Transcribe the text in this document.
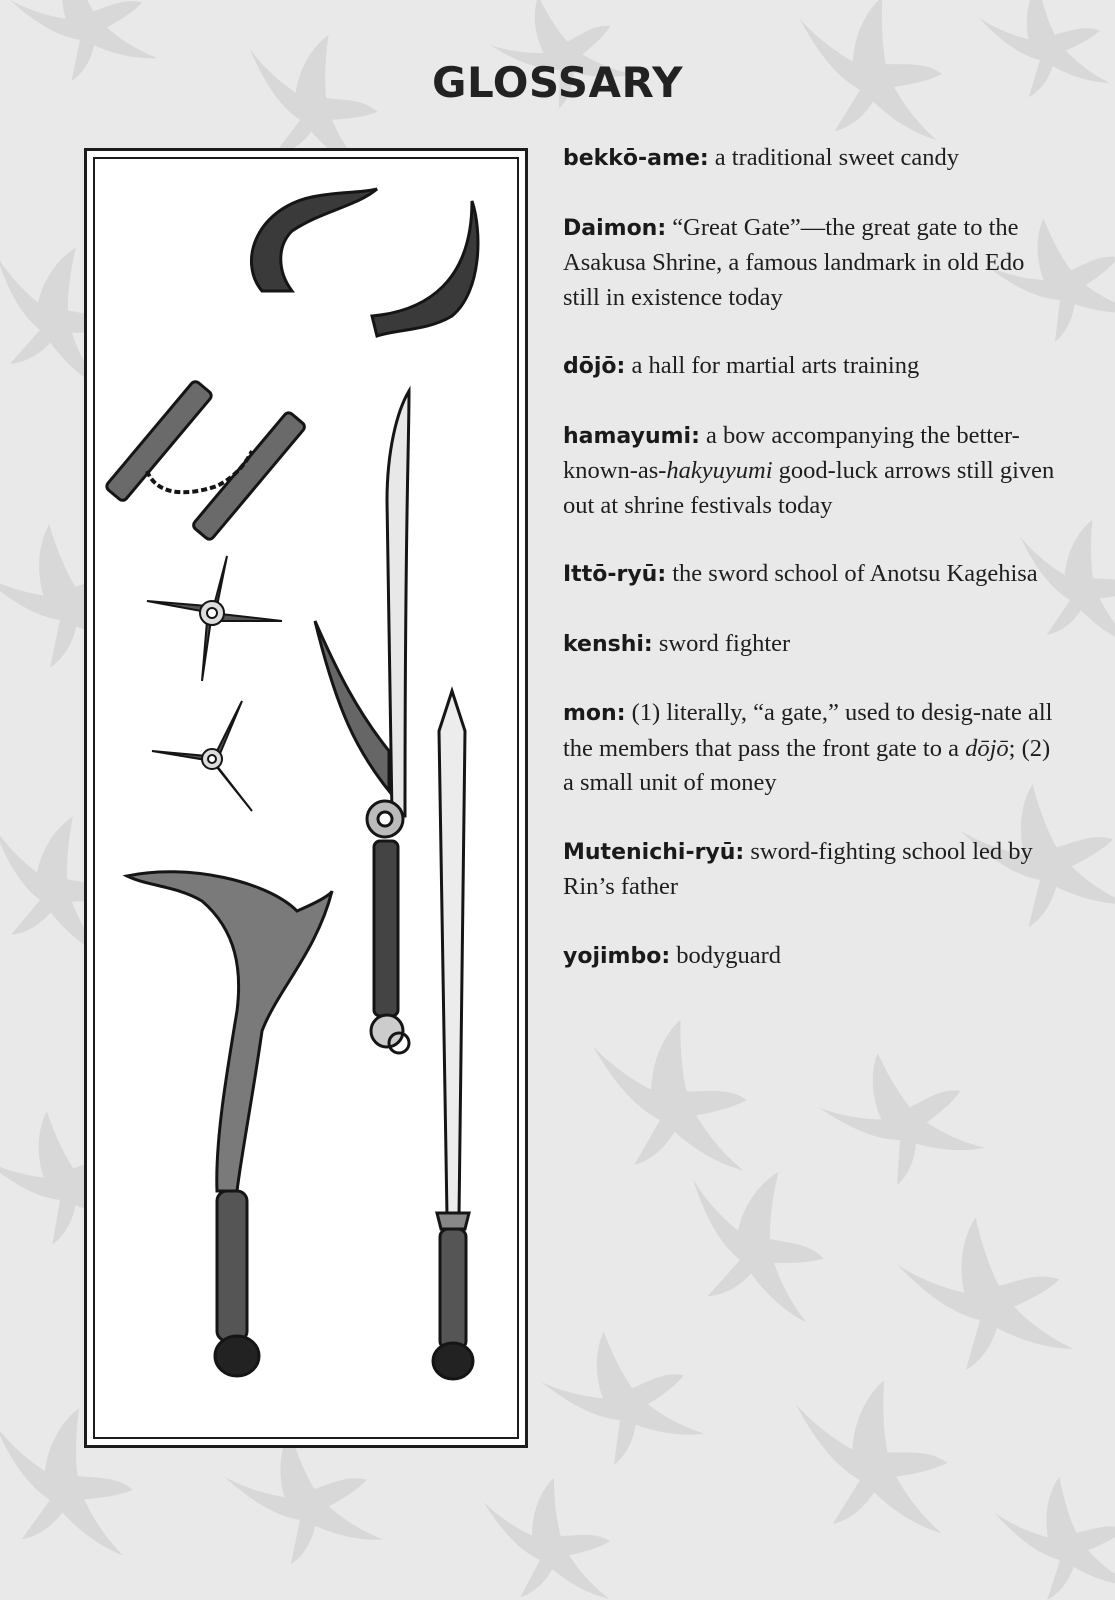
GLOSSARY

bekkō-ame: a traditional sweet candy

Daimon: “Great Gate”—the great gate to the Asakusa Shrine, a famous landmark in old Edo still in existence today

dōjō: a hall for martial arts training

hamayumi: a bow accompanying the better-known-as-hakyuyumi good-luck arrows still given out at shrine festivals today

Ittō-ryū: the sword school of Anotsu Kagehisa

kenshi: sword fighter

mon: (1) literally, “a gate,” used to desig-nate all the members that pass the front gate to a dōjō; (2) a small unit of money

Mutenichi-ryū: sword-fighting school led by Rin’s father

yojimbo: bodyguard
